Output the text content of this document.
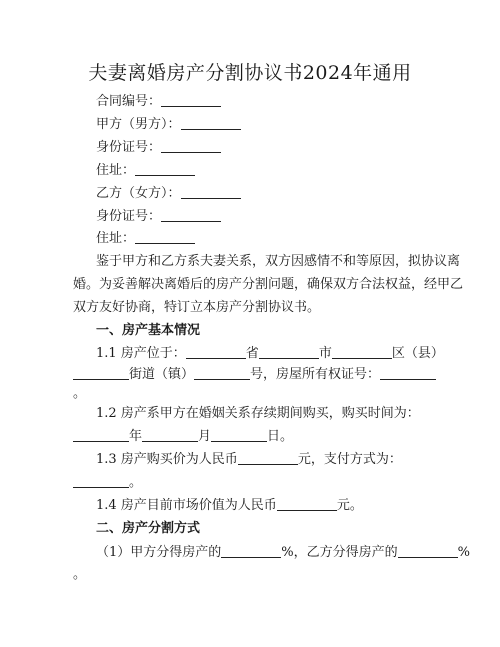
夫妻离婚房产分割协议书2024年通用
合同编号：
甲方（男方）：
身份证号：
住址：
乙方（女方）：
身份证号：
住址：
鉴于甲方和乙方系夫妻关系，双方因感情不和等原因，拟协议离
婚。为妥善解决离婚后的房产分割问题，确保双方合法权益，经甲乙
双方友好协商，特订立本房产分割协议书。
一、房产基本情况
1.1 房产位于：	省	市	区（县）
街道（镇）	号，房屋所有权证号：
。
1.2 房产系甲方在婚姻关系存续期间购买，购买时间为：
年	月	日。
1.3 房产购买价为人民币	元，支付方式为：
。
1.4 房产目前市场价值为人民币	元。
二、房产分割方式
（1）甲方分得房产的	%，乙方分得房产的	%
。
